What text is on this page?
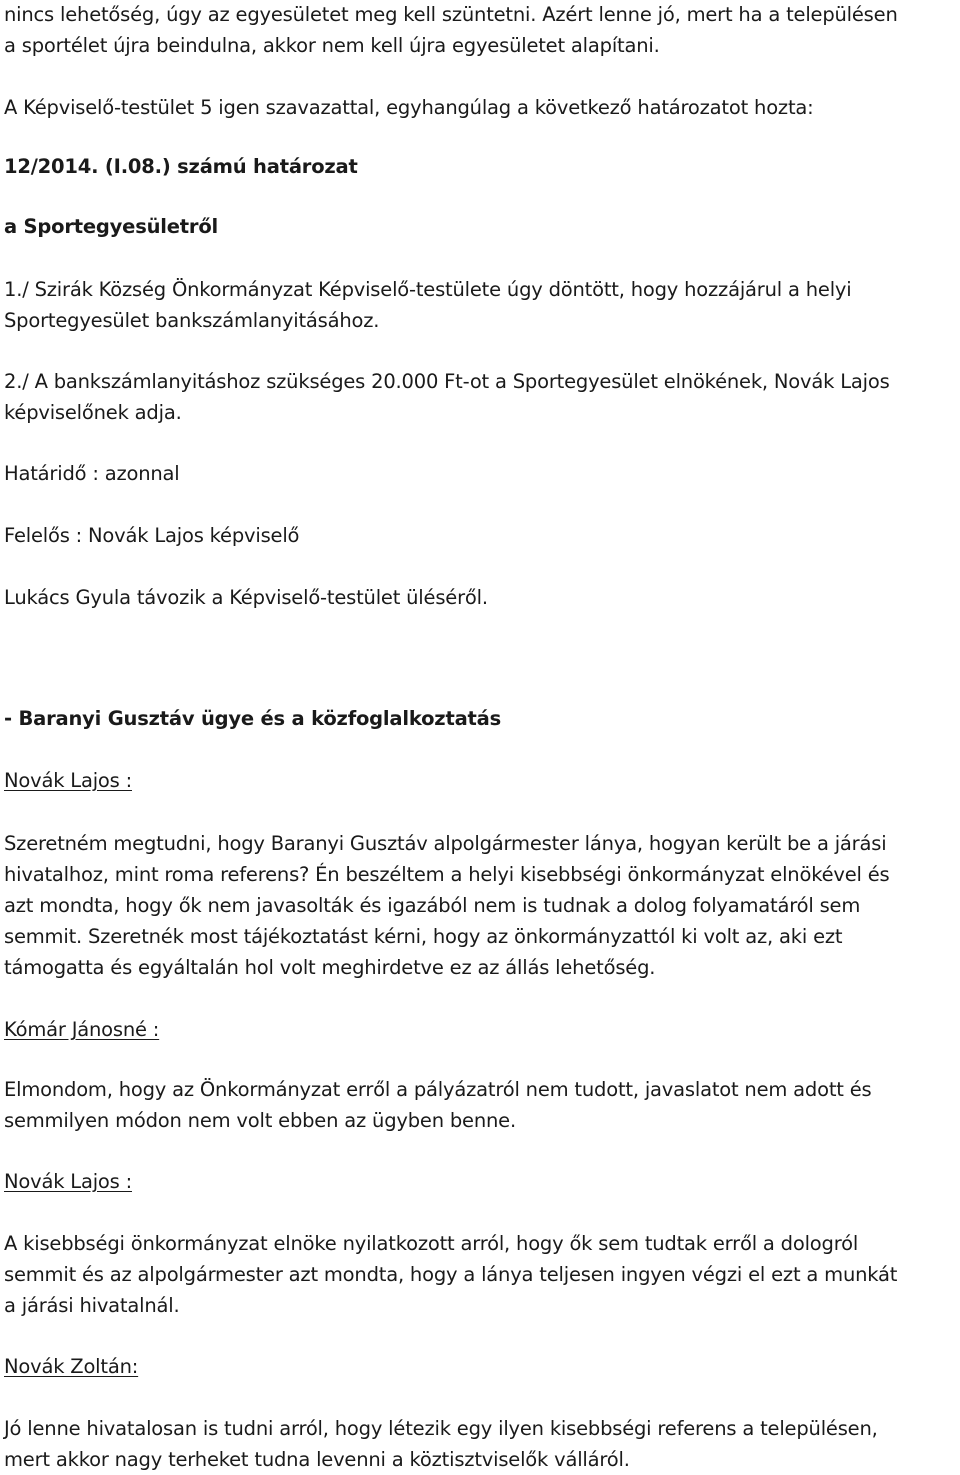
nincs lehetőség, úgy az egyesületet meg kell szüntetni. Azért lenne jó, mert ha a településen
a sportélet újra beindulna, akkor nem kell újra egyesületet alapítani.

A Képviselő-testület 5 igen szavazattal, egyhangúlag a következő határozatot hozta:

12/2014. (I.08.) számú határozat

a Sportegyesületről

1./ Szirák Község Önkormányzat Képviselő-testülete úgy döntött, hogy hozzájárul a helyi
Sportegyesület bankszámlanyitásához.

2./ A bankszámlanyitáshoz szükséges 20.000 Ft-ot a Sportegyesület elnökének, Novák Lajos
képviselőnek adja.

Határidő : azonnal

Felelős : Novák Lajos képviselő

Lukács Gyula távozik a Képviselő-testület üléséről.

- Baranyi Gusztáv ügye és a közfoglalkoztatás

Novák Lajos :

Szeretném megtudni, hogy Baranyi Gusztáv alpolgármester lánya, hogyan került be a járási
hivatalhoz, mint roma referens? Én beszéltem a helyi kisebbségi önkormányzat elnökével és
azt mondta, hogy ők nem javasolták és igazából nem is tudnak a dolog folyamatáról sem
semmit. Szeretnék most tájékoztatást kérni, hogy az önkormányzattól ki volt az, aki ezt
támogatta és egyáltalán hol volt meghirdetve ez az állás lehetőség.

Kómár Jánosné :

Elmondom, hogy az Önkormányzat erről a pályázatról nem tudott, javaslatot nem adott és
semmilyen módon nem volt ebben az ügyben benne.

Novák Lajos :

A kisebbségi önkormányzat elnöke nyilatkozott arról, hogy ők sem tudtak erről a dologról
semmit és az alpolgármester azt mondta, hogy a lánya teljesen ingyen végzi el ezt a munkát
a járási hivatalnál.

Novák Zoltán:

Jó lenne hivatalosan is tudni arról, hogy létezik egy ilyen kisebbségi referens a településen,
mert akkor nagy terheket tudna levenni a köztisztviselők válláról.
